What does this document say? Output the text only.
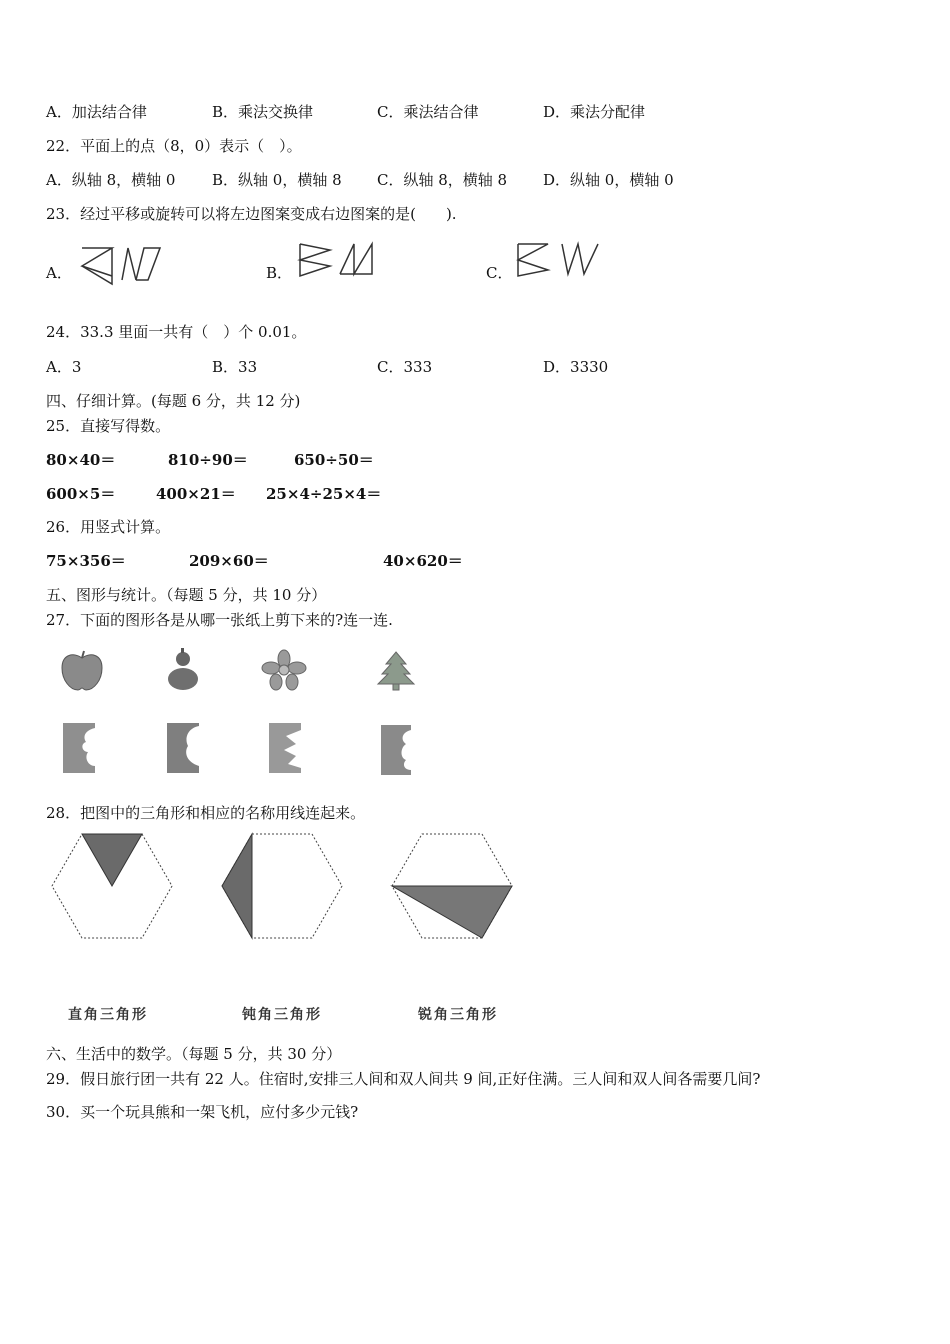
A．加法结合律	B．乘法交换律	C．乘法结合律	D．乘法分配律
22．平面上的点（8，0）表示（　）。
A．纵轴 8，横轴 0 B．纵轴 0，横轴 8 C．纵轴 8，横轴 8 D．纵轴 0，横轴 0
23．经过平移或旋转可以将左边图案变成右边图案的是(　　).
A．	B．	C．
24．33.3 里面一共有（　）个 0.01。
A．3	B．33	C．333	D．3330
四、仔细计算。(每题 6 分，共 12 分)
25．直接写得数。
80×40＝	810÷90＝	650÷50＝
600×5＝	400×21＝ 25×4÷25×4＝
26．用竖式计算。
75×356＝	209×60＝	40×620＝
五、图形与统计。（每题 5 分，共 10 分）
27．下面的图形各是从哪一张纸上剪下来的?连一连.
28．把图中的三角形和相应的名称用线连起来。
直角三角形	钝角三角形	锐角三角形
六、生活中的数学。（每题 5 分，共 30 分）
29．假日旅行团一共有 22 人。住宿时,安排三人间和双人间共 9 间,正好住满。三人间和双人间各需要几间?
30．买一个玩具熊和一架飞机，应付多少元钱?
